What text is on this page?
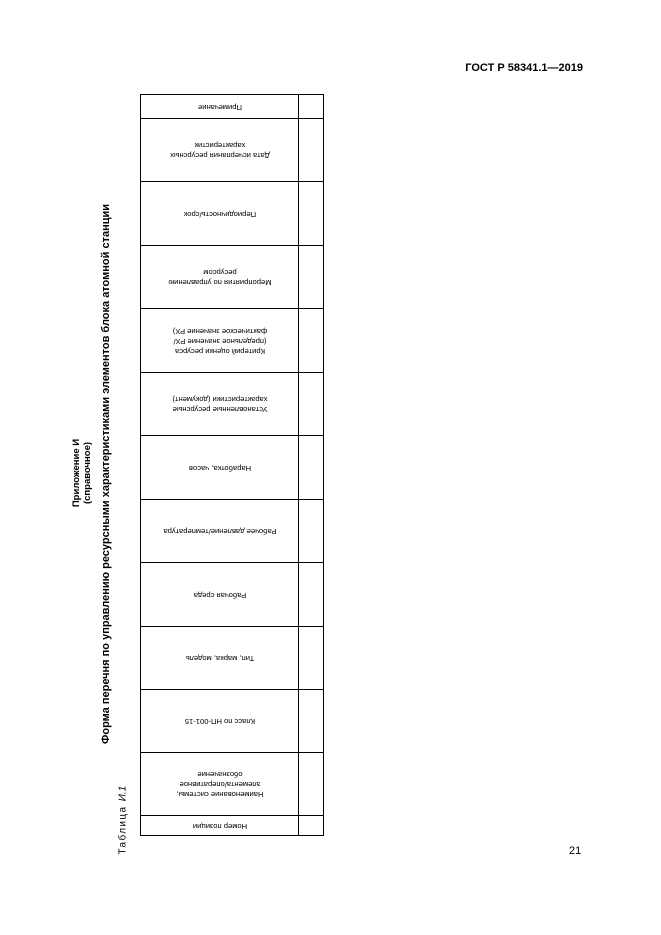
ГОСТ Р 58341.1—2019
Приложение И (справочное) Форма перечня по управлению ресурсными характеристиками элементов блока атомной станции
Таблица И.1
Примечание
Дата исчерпания ресурсных
характеристик
Периодичность/срок
Мероприятия по управлению
ресурсом
Критерий оценки ресурса
(предельное значение РХ/
фактическое значение РХ)
Установленные ресурсные
характеристики (документ)
Наработка, часов
Рабочее давление/температура
Рабочая среда
Тип, марка, модель
Класс по НП-001-15
Наименование системы,
элемента/оперативное
обозначение
Номер позиции
21
